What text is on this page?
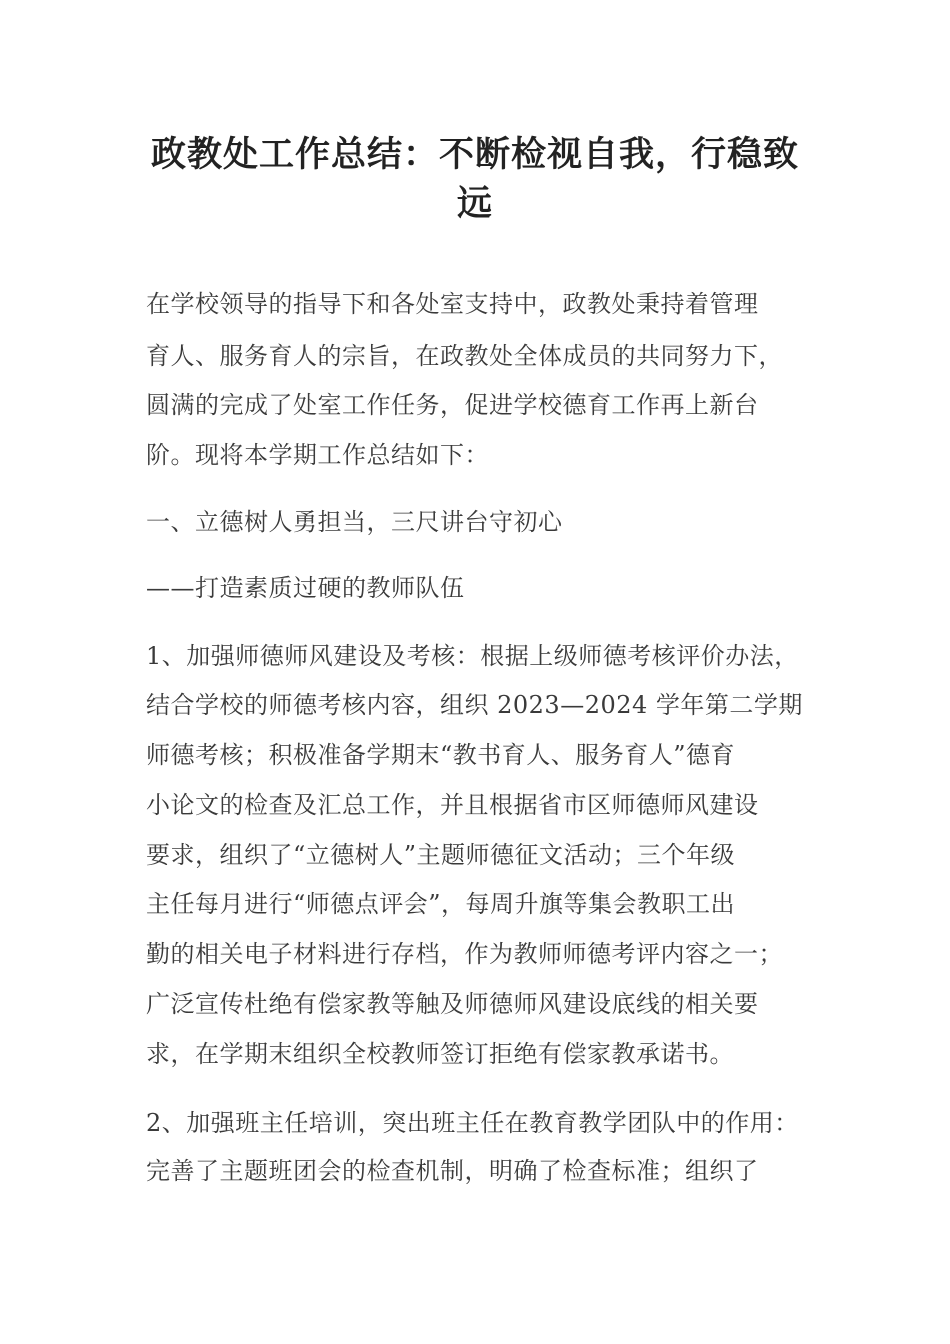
政教处工作总结：不断检视自我，行稳致
远
在学校领导的指导下和各处室支持中，政教处秉持着管理
育人、服务育人的宗旨，在政教处全体成员的共同努力下，
圆满的完成了处室工作任务，促进学校德育工作再上新台
阶。现将本学期工作总结如下：
一、立德树人勇担当，三尺讲台守初心
——打造素质过硬的教师队伍
1、加强师德师风建设及考核：根据上级师德考核评价办法，
结合学校的师德考核内容，组织 2023—2024 学年第二学期
师德考核；积极准备学期末“教书育人、服务育人”德育
小论文的检查及汇总工作，并且根据省市区师德师风建设
要求，组织了“立德树人”主题师德征文活动；三个年级
主任每月进行“师德点评会”，每周升旗等集会教职工出
勤的相关电子材料进行存档，作为教师师德考评内容之一；
广泛宣传杜绝有偿家教等触及师德师风建设底线的相关要
求，在学期末组织全校教师签订拒绝有偿家教承诺书。
2、加强班主任培训，突出班主任在教育教学团队中的作用：
完善了主题班团会的检查机制，明确了检查标准；组织了
